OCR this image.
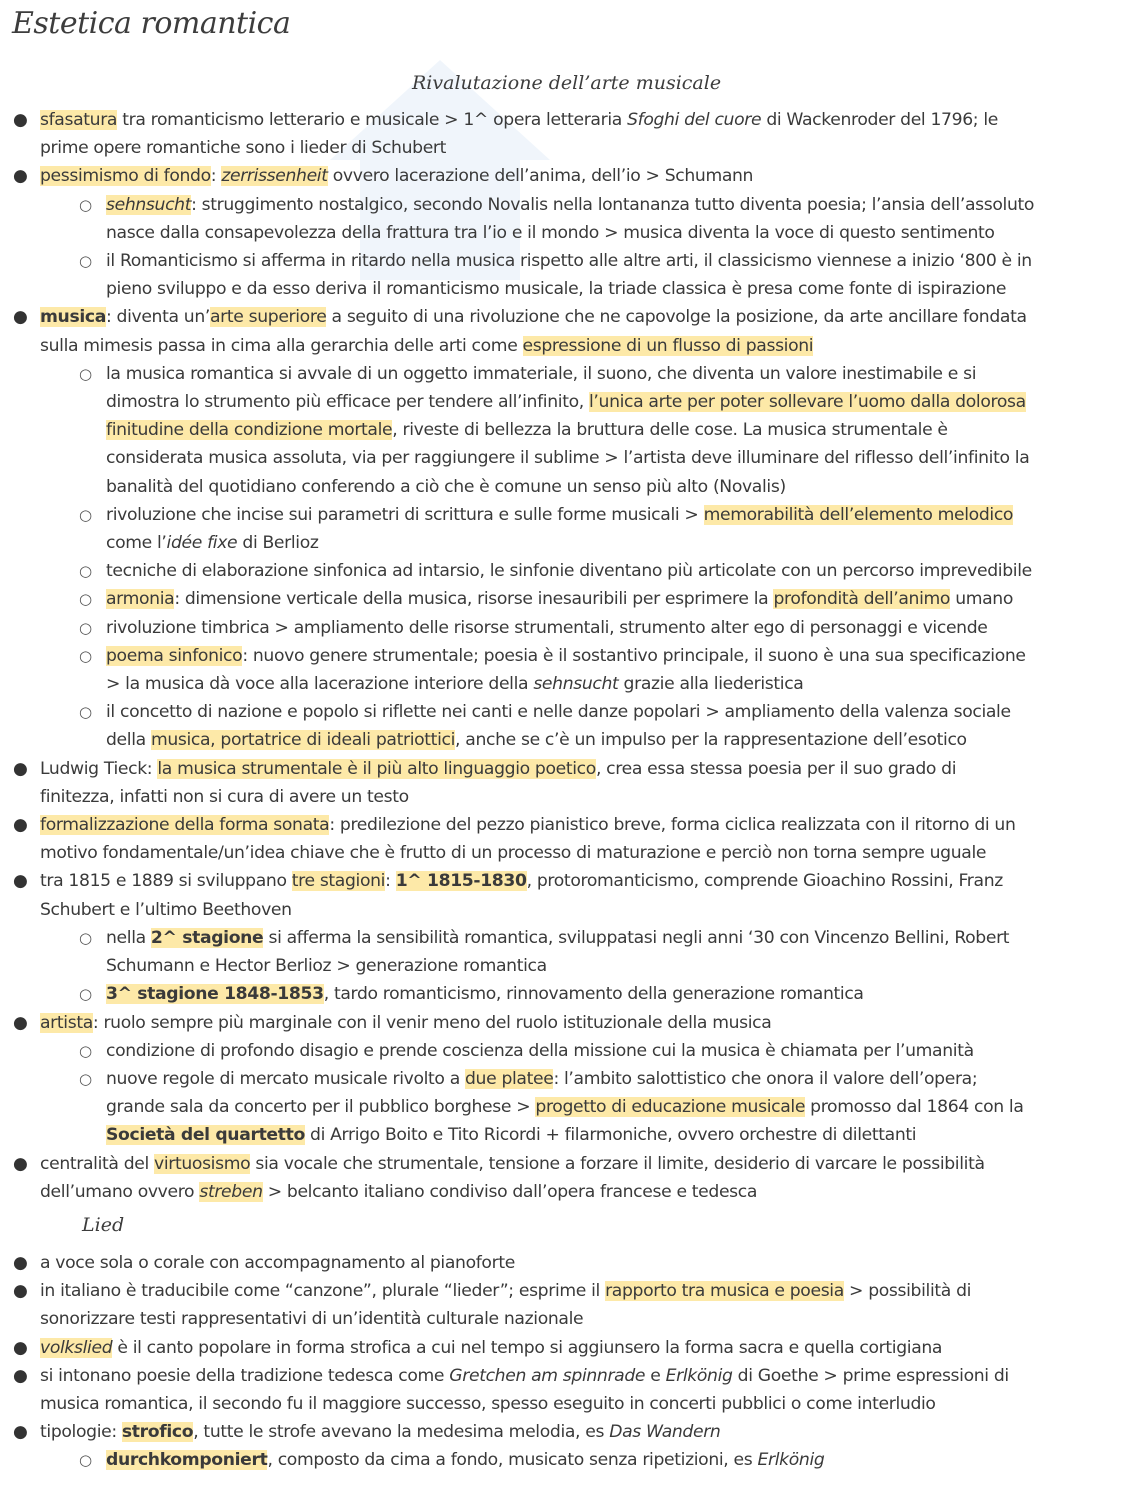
Estetica romantica
Rivalutazione dell’arte musicale
● sfasatura tra romanticismo letterario e musicale > 1^ opera letteraria Sfoghi del cuore di Wackenroder del 1796; le
prime opere romantiche sono i lieder di Schubert
● pessimismo di fondo: zerrissenheit ovvero lacerazione dell’anima, dell’io > Schumann
○ sehnsucht: struggimento nostalgico, secondo Novalis nella lontananza tutto diventa poesia; l’ansia dell’assoluto
nasce dalla consapevolezza della frattura tra l’io e il mondo > musica diventa la voce di questo sentimento
○ il Romanticismo si afferma in ritardo nella musica rispetto alle altre arti, il classicismo viennese a inizio ‘800 è in
pieno sviluppo e da esso deriva il romanticismo musicale, la triade classica è presa come fonte di ispirazione
● musica: diventa un’arte superiore a seguito di una rivoluzione che ne capovolge la posizione, da arte ancillare fondata
sulla mimesis passa in cima alla gerarchia delle arti come espressione di un flusso di passioni
○ la musica romantica si avvale di un oggetto immateriale, il suono, che diventa un valore inestimabile e si
dimostra lo strumento più efficace per tendere all’infinito, l’unica arte per poter sollevare l’uomo dalla dolorosa
finitudine della condizione mortale, riveste di bellezza la bruttura delle cose. La musica strumentale è
considerata musica assoluta, via per raggiungere il sublime > l’artista deve illuminare del riflesso dell’infinito la
banalità del quotidiano conferendo a ciò che è comune un senso più alto (Novalis)
○ rivoluzione che incise sui parametri di scrittura e sulle forme musicali > memorabilità dell’elemento melodico
come l’idée fixe di Berlioz
○ tecniche di elaborazione sinfonica ad intarsio, le sinfonie diventano più articolate con un percorso imprevedibile
○ armonia: dimensione verticale della musica, risorse inesauribili per esprimere la profondità dell’animo umano
○ rivoluzione timbrica > ampliamento delle risorse strumentali, strumento alter ego di personaggi e vicende
○ poema sinfonico: nuovo genere strumentale; poesia è il sostantivo principale, il suono è una sua specificazione
> la musica dà voce alla lacerazione interiore della sehnsucht grazie alla liederistica
○ il concetto di nazione e popolo si riflette nei canti e nelle danze popolari > ampliamento della valenza sociale
della musica, portatrice di ideali patriottici, anche se c’è un impulso per la rappresentazione dell’esotico
● Ludwig Tieck: la musica strumentale è il più alto linguaggio poetico, crea essa stessa poesia per il suo grado di
finitezza, infatti non si cura di avere un testo
● formalizzazione della forma sonata: predilezione del pezzo pianistico breve, forma ciclica realizzata con il ritorno di un
motivo fondamentale/un’idea chiave che è frutto di un processo di maturazione e perciò non torna sempre uguale
● tra 1815 e 1889 si sviluppano tre stagioni: 1^ 1815-1830, protoromanticismo, comprende Gioachino Rossini, Franz
Schubert e l’ultimo Beethoven
○ nella 2^ stagione si afferma la sensibilità romantica, sviluppatasi negli anni ‘30 con Vincenzo Bellini, Robert
Schumann e Hector Berlioz > generazione romantica
○ 3^ stagione 1848-1853, tardo romanticismo, rinnovamento della generazione romantica
● artista: ruolo sempre più marginale con il venir meno del ruolo istituzionale della musica
○ condizione di profondo disagio e prende coscienza della missione cui la musica è chiamata per l’umanità
○ nuove regole di mercato musicale rivolto a due platee: l’ambito salottistico che onora il valore dell’opera;
grande sala da concerto per il pubblico borghese > progetto di educazione musicale promosso dal 1864 con la
Società del quartetto di Arrigo Boito e Tito Ricordi + filarmoniche, ovvero orchestre di dilettanti
● centralità del virtuosismo sia vocale che strumentale, tensione a forzare il limite, desiderio di varcare le possibilità
dell’umano ovvero streben > belcanto italiano condiviso dall’opera francese e tedesca
Lied
● a voce sola o corale con accompagnamento al pianoforte
● in italiano è traducibile come “canzone”, plurale “lieder”; esprime il rapporto tra musica e poesia > possibilità di
sonorizzare testi rappresentativi di un’identità culturale nazionale
● volkslied è il canto popolare in forma strofica a cui nel tempo si aggiunsero la forma sacra e quella cortigiana
● si intonano poesie della tradizione tedesca come Gretchen am spinnrade e Erlkönig di Goethe > prime espressioni di
musica romantica, il secondo fu il maggiore successo, spesso eseguito in concerti pubblici o come interludio
● tipologie: strofico, tutte le strofe avevano la medesima melodia, es Das Wandern
○ durchkomponiert, composto da cima a fondo, musicato senza ripetizioni, es Erlkönig
